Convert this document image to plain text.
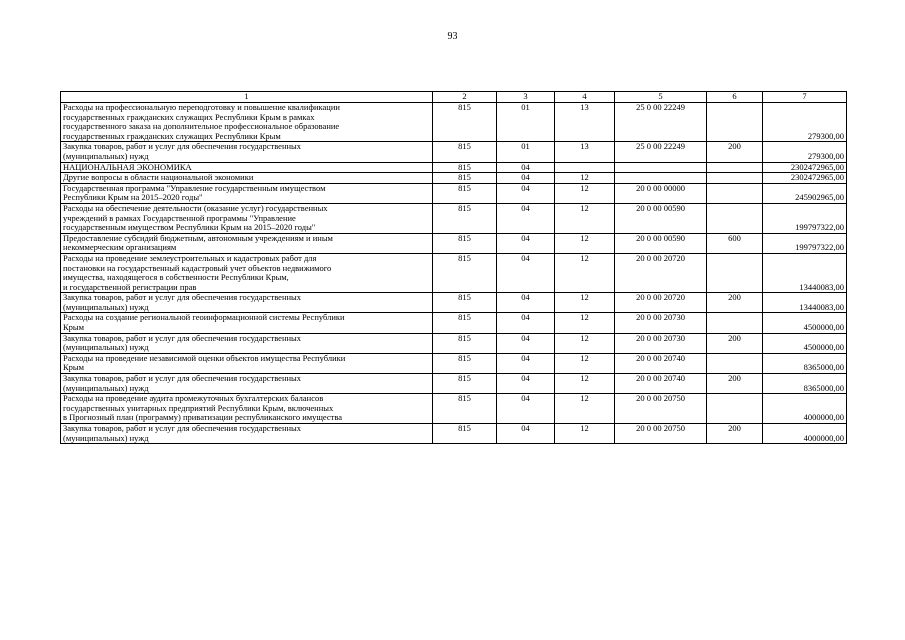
93
1	2	3	4	5	6	7
Расходы на профессиональную переподготовку и повышение квалификации
государственных гражданских служащих Республики Крым в рамках
государственного заказа на дополнительное профессиональное образование
государственных гражданских служащих Республики Крым	815	01	13	25 0 00 22249		279300,00
Закупка товаров, работ и услуг для обеспечения государственных
(муниципальных) нужд	815	01	13	25 0 00 22249	200	279300,00
НАЦИОНАЛЬНАЯ ЭКОНОМИКА	815	04				2302472965,00
Другие вопросы в области национальной экономики	815	04	12			2302472965,00
Государственная программа "Управление государственным имуществом
Республики Крым на 2015–2020 годы"	815	04	12	20 0 00 00000		245902965,00
Расходы на обеспечение деятельности (оказание услуг) государственных
учреждений в рамках Государственной программы "Управление
государственным имуществом Республики Крым на 2015–2020 годы"	815	04	12	20 0 00 00590		199797322,00
Предоставление субсидий бюджетным, автономным учреждениям и иным
некоммерческим организациям	815	04	12	20 0 00 00590	600	199797322,00
Расходы на проведение землеустроительных и кадастровых работ для
постановки на государственный кадастровый учет объектов недвижимого
имущества, находящегося в собственности Республики Крым,
и государственной регистрации прав	815	04	12	20 0 00 20720		13440083,00
Закупка товаров, работ и услуг для обеспечения государственных
(муниципальных) нужд	815	04	12	20 0 00 20720	200	13440083,00
Расходы на создание региональной геоинформационной системы Республики
Крым	815	04	12	20 0 00 20730		4500000,00
Закупка товаров, работ и услуг для обеспечения государственных
(муниципальных) нужд	815	04	12	20 0 00 20730	200	4500000,00
Расходы на проведение независимой оценки объектов имущества Республики
Крым	815	04	12	20 0 00 20740		8365000,00
Закупка товаров, работ и услуг для обеспечения государственных
(муниципальных) нужд	815	04	12	20 0 00 20740	200	8365000,00
Расходы на проведение аудита промежуточных бухгалтерских балансов
государственных унитарных предприятий Республики Крым, включенных
в Прогнозный план (программу) приватизации республиканского имущества	815	04	12	20 0 00 20750		4000000,00
Закупка товаров, работ и услуг для обеспечения государственных
(муниципальных) нужд	815	04	12	20 0 00 20750	200	4000000,00
